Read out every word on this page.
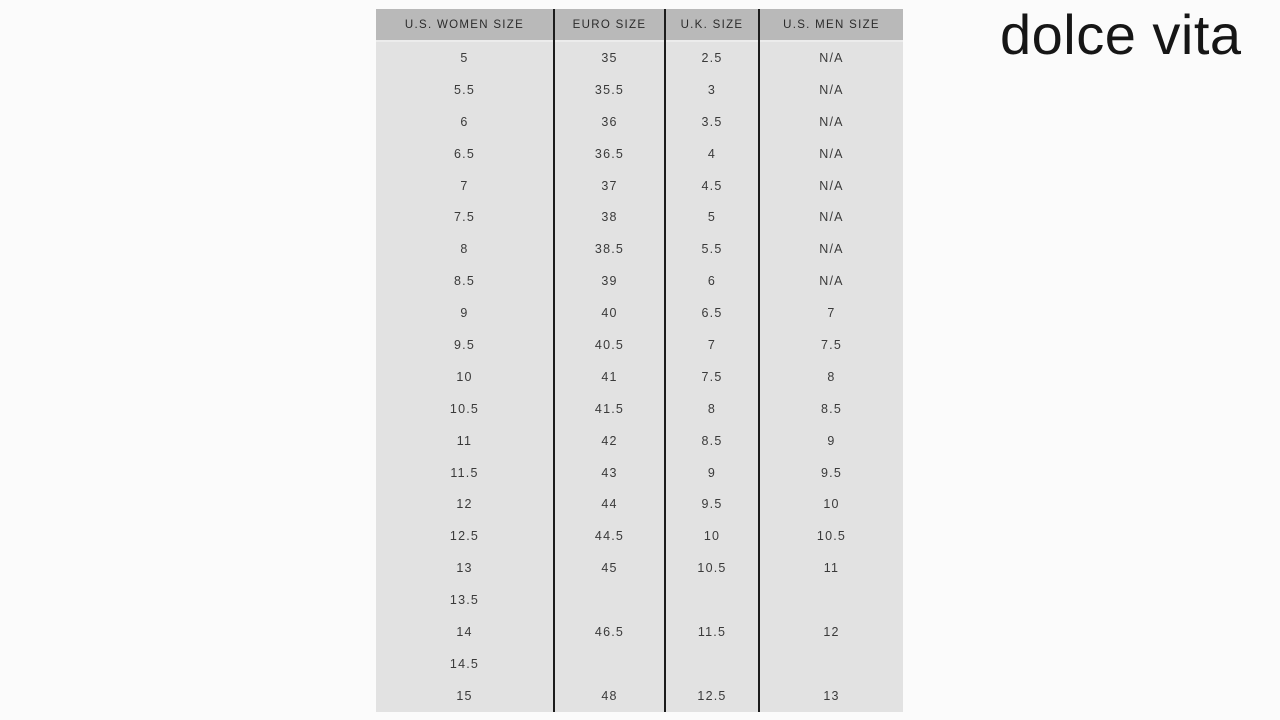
U.S. WOMEN SIZE
5
5.5
6
6.5
7
7.5
8
8.5
9
9.5
10
10.5
11
11.5
12
12.5
13
13.5
14
14.5
15
EURO SIZE
35
35.5
36
36.5
37
38
38.5
39
40
40.5
41
41.5
42
43
44
44.5
45
46.5
48
U.K. SIZE
2.5
3
3.5
4
4.5
5
5.5
6
6.5
7
7.5
8
8.5
9
9.5
10
10.5
11.5
12.5
U.S. MEN SIZE
N/A
N/A
N/A
N/A
N/A
N/A
N/A
N/A
7
7.5
8
8.5
9
9.5
10
10.5
11
12
13
dolce vita
